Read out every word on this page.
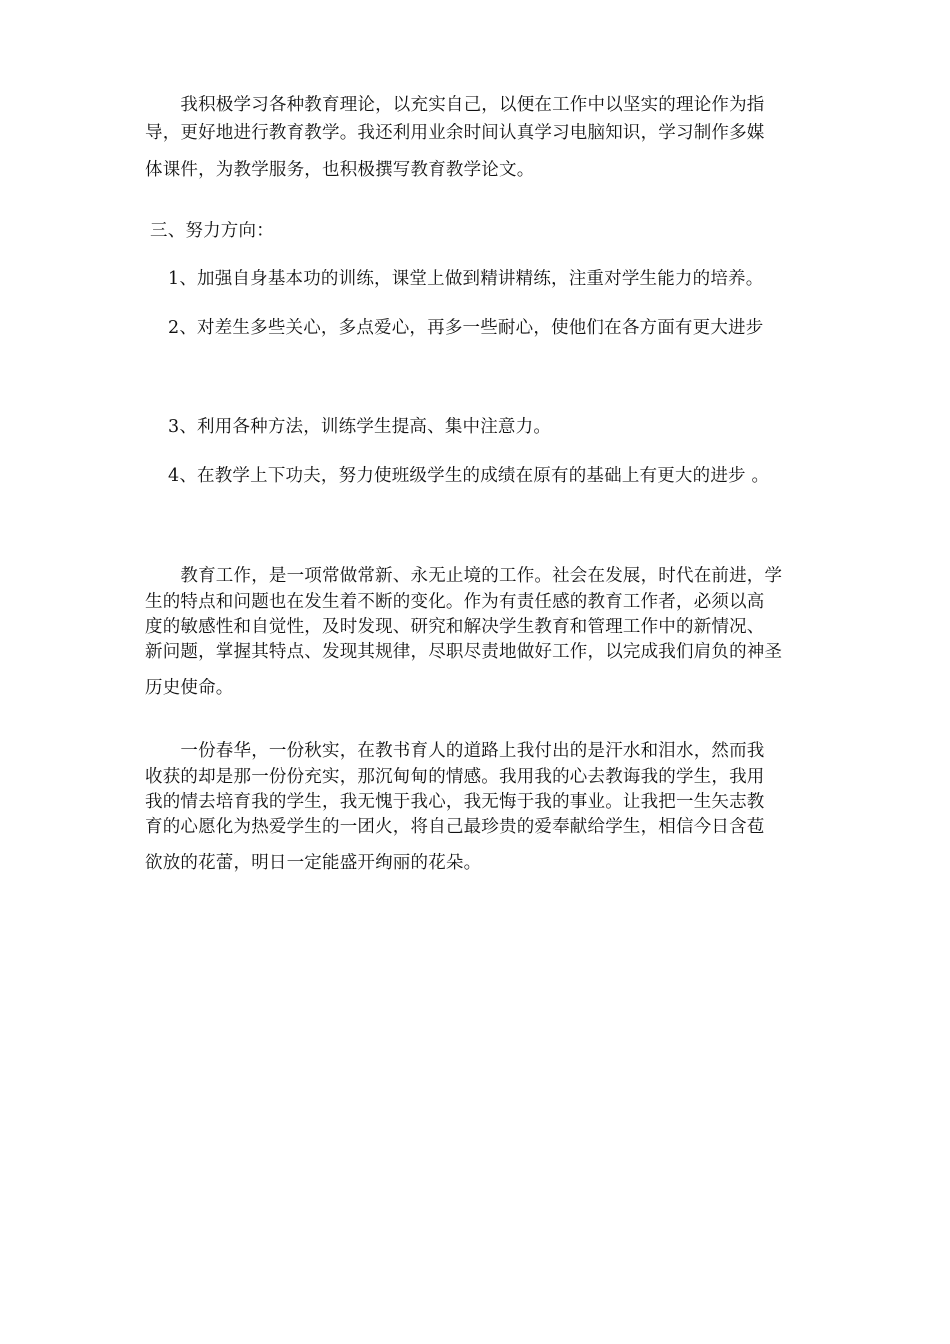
　　我积极学习各种教育理论，以充实自己，以便在工作中以坚实的理论作为指
导，更好地进行教育教学。我还利用业余时间认真学习电脑知识，学习制作多媒
体课件，为教学服务，也积极撰写教育教学论文。
三、努力方向：
1、加强自身基本功的训练，课堂上做到精讲精练，注重对学生能力的培养。
2、对差生多些关心，多点爱心，再多一些耐心，使他们在各方面有更大进步
3、利用各种方法，训练学生提高、集中注意力。
4、在教学上下功夫，努力使班级学生的成绩在原有的基础上有更大的进步 。
　　教育工作，是一项常做常新、永无止境的工作。社会在发展，时代在前进，学
生的特点和问题也在发生着不断的变化。作为有责任感的教育工作者，必须以高
度的敏感性和自觉性，及时发现、研究和解决学生教育和管理工作中的新情况、
新问题，掌握其特点、发现其规律，尽职尽责地做好工作，以完成我们肩负的神圣
历史使命。
　　一份春华，一份秋实，在教书育人的道路上我付出的是汗水和泪水，然而我
收获的却是那一份份充实，那沉甸甸的情感。我用我的心去教诲我的学生，我用
我的情去培育我的学生，我无愧于我心，我无悔于我的事业。让我把一生矢志教
育的心愿化为热爱学生的一团火，将自己最珍贵的爱奉献给学生，相信今日含苞
欲放的花蕾，明日一定能盛开绚丽的花朵。
